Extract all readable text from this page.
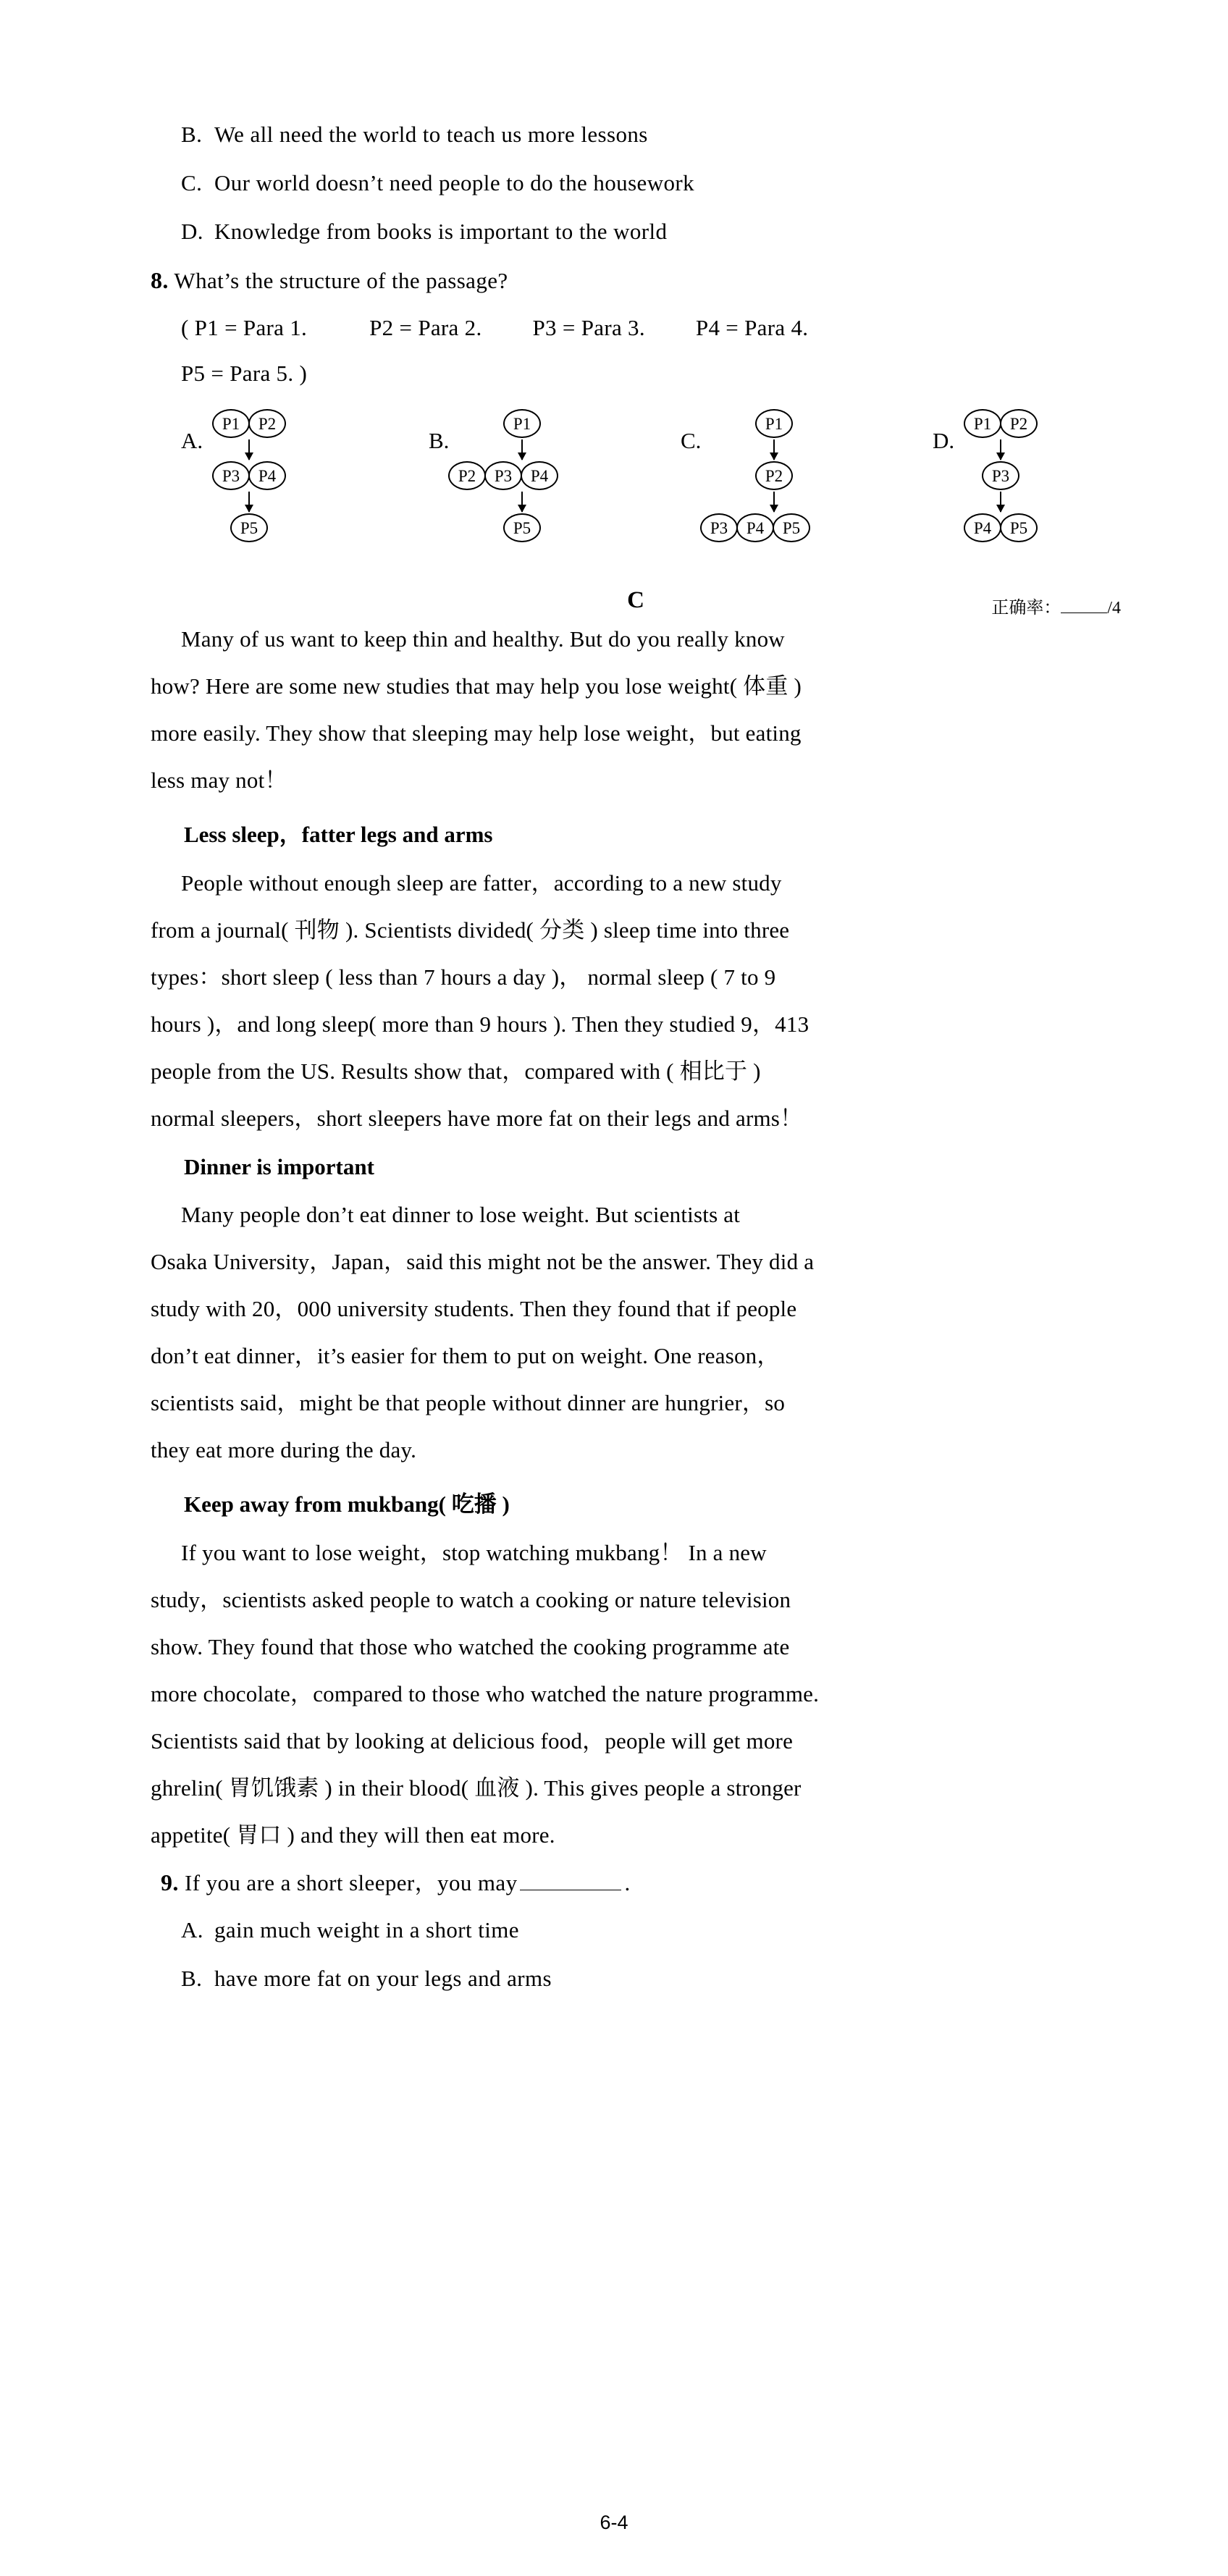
B. We all need the world to teach us more lessons
C. Our world doesn’t need people to do the housework
D. Knowledge from books is important to the world
8. What’s the structure of the passage?
( P1 = Para 1.	P2 = Para 2. P3 = Para 3. P4 = Para 4.
P5 = Para 5. )
A.
P1	P2
P3	P4
P5
B.
P1
P2	P3	P4
P5
C.
P1
P2
P3	P4	P5
D.
P1	P2
P3
P4	P5
C	正确率：	/4
Many of us want to keep thin and healthy. But do you really know
how? Here are some new studies that may help you lose weight( 体重 )
more easily. They show that sleeping may help lose weight，but eating
less may not！
Less sleep，fatter legs and arms
People without enough sleep are fatter，according to a new study
from a journal( 刊物 ). Scientists divided( 分类 ) sleep time into three
types：short sleep ( less than 7 hours a day )， normal sleep ( 7 to 9
hours )，and long sleep( more than 9 hours ). Then they studied 9，413
people from the US. Results show that，compared with ( 相比于 )
normal sleepers，short sleepers have more fat on their legs and arms！
Dinner is important
Many people don’t eat dinner to lose weight. But scientists at
Osaka University，Japan，said this might not be the answer. They did a
study with 20，000 university students. Then they found that if people
don’t eat dinner，it’s easier for them to put on weight. One reason，
scientists said，might be that people without dinner are hungrier，so
they eat more during the day.
Keep away from mukbang( 吃播 )
If you want to lose weight，stop watching mukbang！ In a new
study，scientists asked people to watch a cooking or nature television
show. They found that those who watched the cooking programme ate
more chocolate，compared to those who watched the nature programme.
Scientists said that by looking at delicious food，people will get more
ghrelin( 胃饥饿素 ) in their blood( 血液 ). This gives people a stronger
appetite( 胃口 ) and they will then eat more.
9. If you are a short sleeper，you may	.
A. gain much weight in a short time
B. have more fat on your legs and arms
6-4
